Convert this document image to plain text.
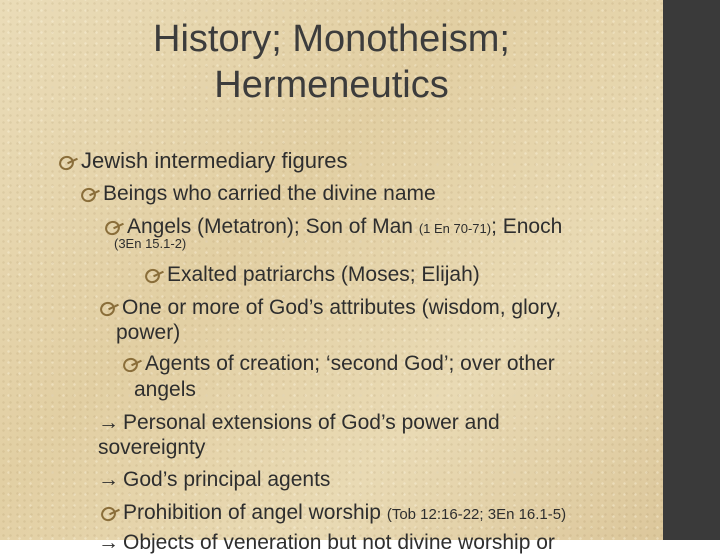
History; Monotheism;
Hermeneutics
Jewish intermediary figures
Beings who carried the divine name
Angels (Metatron); Son of Man (1 En 70-71); Enoch
(3En 15.1-2)
Exalted patriarchs (Moses; Elijah)
One or more of God’s attributes (wisdom, glory,
power)
Agents of creation; ‘second God’; over other
angels
→ Personal extensions of God’s power and
sovereignty
→ God’s principal agents
Prohibition of angel worship (Tob 12:16-22; 3En 16.1-5)
→ Objects of veneration but not divine worship or
